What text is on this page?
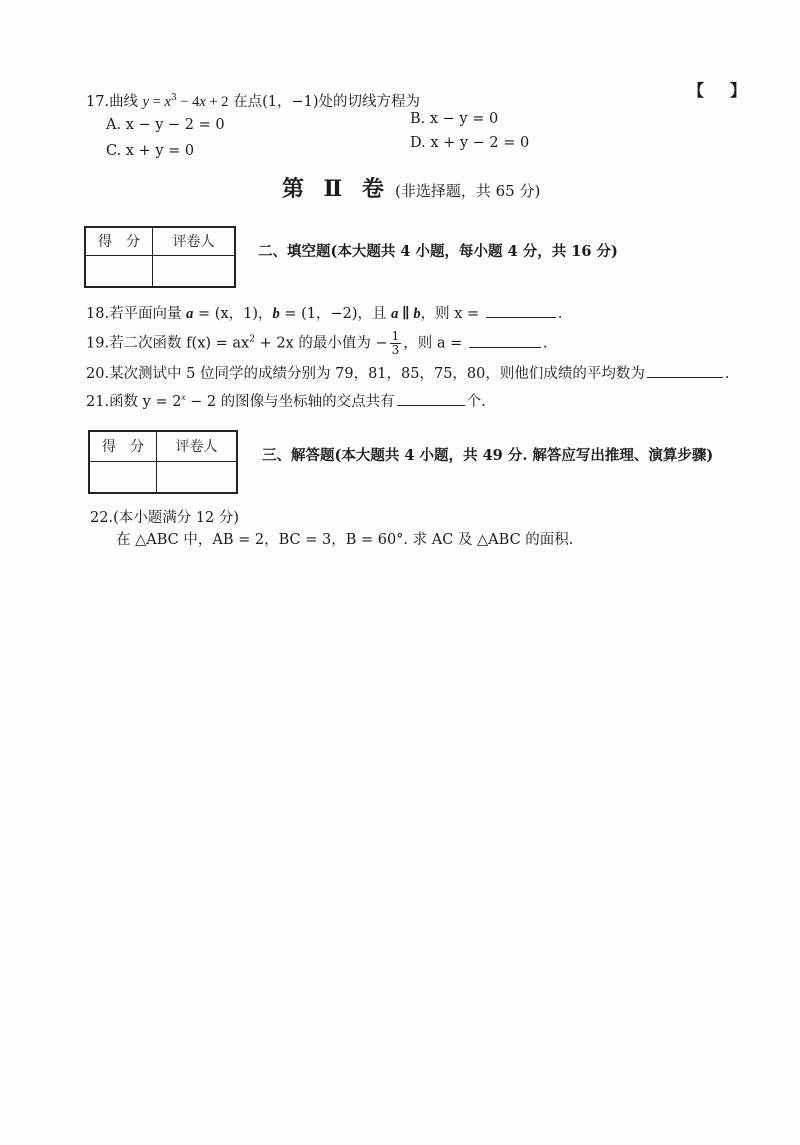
17.曲线 $y = x^3 - 4x + 2$ 在点(1，−1)处的切线方程为
【】
A. x − y − 2 = 0	B. x − y = 0
C. x + y = 0	D. x + y − 2 = 0
第 Ⅱ 卷 (非选择题，共 65 分)
得　分	评卷人

二、填空题(本大题共 4 小题，每小题 4 分，共 16 分)
18.若平面向量 a = (x，1)，b = (1，−2)，且 a ∥ b，则 x =	.
19.若二次函数 $f(x) = ax^2 + 2x$ 的最小值为 − $\frac{1}{3}$ ，则 a =	.
20.某次测试中 5 位同学的成绩分别为 79，81，85，75，80，则他们成绩的平均数为	.
21.函数 $y = 2^x - 2$ 的图像与坐标轴的交点共有	个.
得　分	评卷人
		三、解答题(本大题共 4 小题，共 49 分. 解答应写出推理、演算步骤)
22.(本小题满分 12 分)
在 △ABC 中，AB = 2，BC = 3，B = 60°. 求 AC 及 △ABC 的面积.
